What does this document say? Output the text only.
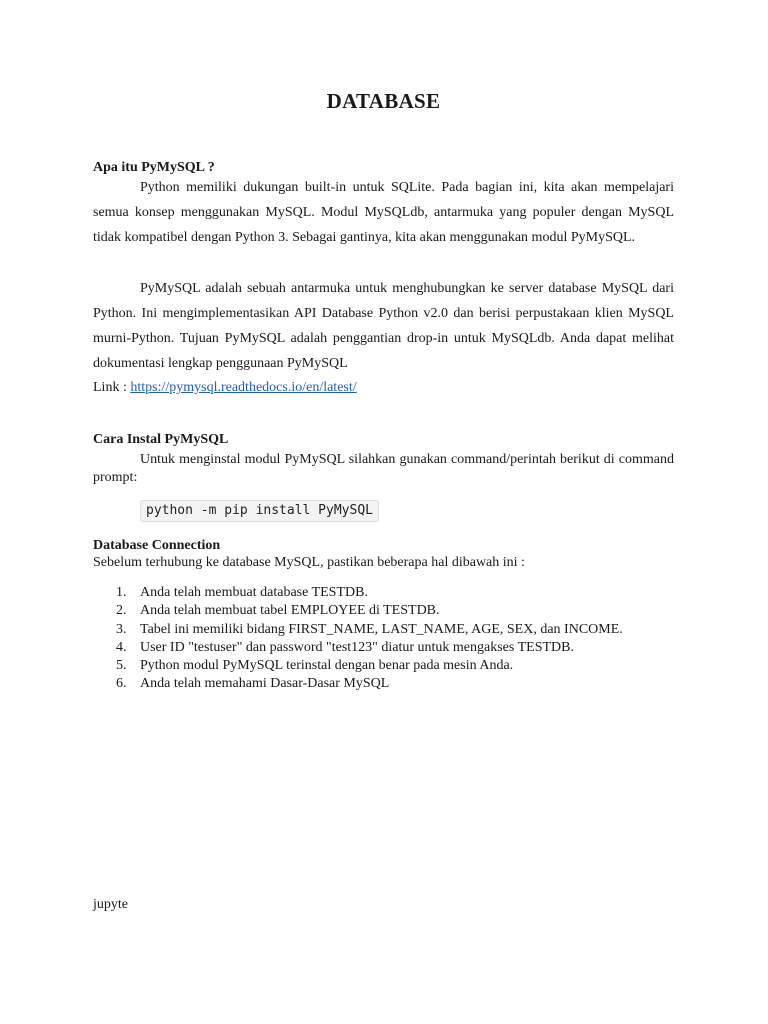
DATABASE

Apa itu PyMySQL ?

Python memiliki dukungan built-in untuk SQLite. Pada bagian ini, kita akan mempelajari semua konsep menggunakan MySQL. Modul MySQLdb, antarmuka yang populer dengan MySQL tidak kompatibel dengan Python 3. Sebagai gantinya, kita akan menggunakan modul PyMySQL.

PyMySQL adalah sebuah antarmuka untuk menghubungkan ke server database MySQL dari Python. Ini mengimplementasikan API Database Python v2.0 dan berisi perpustakaan klien MySQL murni-Python. Tujuan PyMySQL adalah penggantian drop-in untuk MySQLdb. Anda dapat melihat dokumentasi lengkap penggunaan PyMySQL

Link : https://pymysql.readthedocs.io/en/latest/

Cara Instal PyMySQL

Untuk menginstal modul PyMySQL silahkan gunakan command/perintah berikut di command prompt:

python -m pip install PyMySQL

Database Connection

Sebelum terhubung ke database MySQL, pastikan beberapa hal dibawah ini :

1. Anda telah membuat database TESTDB.
2. Anda telah membuat tabel EMPLOYEE di TESTDB.
3. Tabel ini memiliki bidang FIRST_NAME, LAST_NAME, AGE, SEX, dan INCOME.
4. User ID "testuser" dan password "test123" diatur untuk mengakses TESTDB.
5. Python modul PyMySQL terinstal dengan benar pada mesin Anda.
6. Anda telah memahami Dasar-Dasar MySQL

jupyte
